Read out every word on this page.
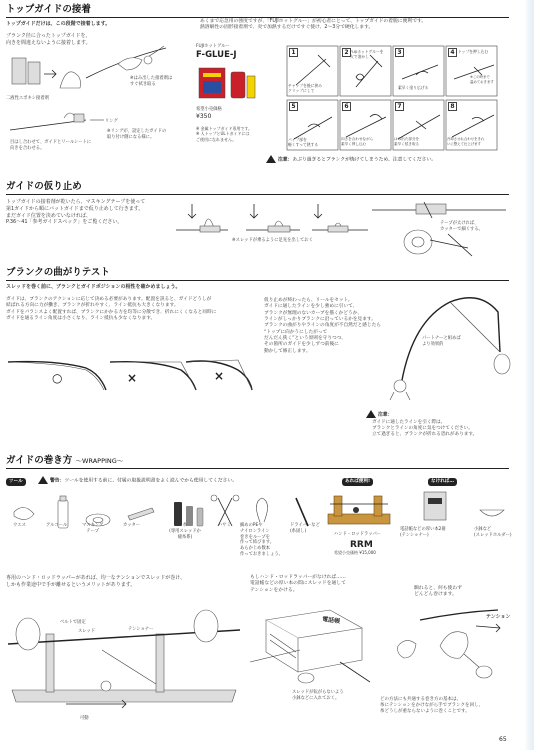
トップガイドの接着
トップガイドだけは、この段階で接着します。
ブランク径に合ったトップガイドを、
向きを間違えないように接着します。
二液性エポキシ接着剤
※はみ出した接着剤は
すぐ拭き取る
リング
※リングが、設定したガイドの
取り付け側になる様に。
目はし合わせて、ガイドとリールシートに
向きを合わせる。
あくまで応急用の強度ですが、「FUJIホットグルー」が初心者にとって、トップガイドの着脱に便利です。
熱溶解性の固形接着剤で、炎で加熱するだけですぐ使け、2～3分で硬化します。
FUJIホットグルー
F-GLUE-J
希望小売価格
¥350
※ 金属トップガイド専用です。
※ 人トップとULトガイドには
ご使用になれません。
1	2	3	4
5	6	7	8
チャップを後に挟み
クリップにして
FUJIホットグルーを
火で溶かし
素早く塗り広げる
トップを押し込む
※この時まで
温めておきます
パイプ部を
軽くすって熱する
向きを合わせながら
素早く押し込む
はみ出た部分を
素早く拭き取る
冷却させれ合わせをきれ
いに整えて仕上げます
注意：あぶり過ぎるとブランクが焼けてしまうため、注意してください。
ガイドの仮り止め
トップガイドの接着剤が乾いたら、マスキングテープを使って
第1ガイドから順にバットガイドまで仮り止めして行きます。
まだガイド位置を決めていなければ、
P.36～41「参考ガイドスペック」をご覧ください。
※スレッドが乗るように足先を出しておく
テープが太ければ、
カッターで細くする。
ブランクの曲がりテスト
スレッドを巻く前に、ブランクとガイドポジションの相性を確かめましょう。
ガイドは、ブランクのアクションに応じて決める必要があります。配置を誤ると、ガイドどうしが
結ばれる方向に力が働き、ブランクが折れやすく、ライン抵抗も大きくなります。
ガイドをバランスよく配置すれば、ブランクにかかる力を均等に分散でき、折れにくくなると同時に
ガイドを通るライン角度は小さくなり、ライン抵抗も少なくなります。
○	×	×
仮り止めが終わったら、リールをセット。
ガイドに通したラインを少し強めに引いて、
ブランクが無理のないカーブを描くかどうか、
ラインがしっかりブランクに沿っているかを見ます。
ブランクの曲がりやラインの角度が不自然だと感じたら
“トップに向かうにしたがって
だんだん狭く”という原則を守りつつ、
その箇所のガイドを少しずつ前後に
動かして修正します。
パートナーと組めば
より効果的
注意：
ガイドに通したラインを引く際は、
ブランクとラインの角度に気をつけてください。
立て過ぎると、ブランクが折れる恐れがあります。
ガイドの巻き方 ～WRAPPING～
ツール	警告：ツールを使用する前に、付属の取扱説明書をよく読んでから使用してください。
ウエス	アルコール	マスキング
テープ
カッター	糸
(専用スレッドか
縫糸系)
ハサミ 細めのPEや
ナイロンライン
巻きをループを
作って結びます。
あらかじめ数本
作っておきましょう。
ドライバーなど
(糸固し)
あれば便利!
ハンド・ロッドラッパー
RRM
希望小売価格 ¥15,000
なければ…
電話帳などの厚い本2冊
(テンショナー)
小鉢など
(スレッドホルダー)
専用のハンド・ロッドラッパーがあれば、均一なテンションでスレッドが巻け、
しかも作業途中で手が離せるというメリットがあります。
ベルトで固定
スレッド	テンショナー
可動
もしハンド・ロッドラッパーがなければ……
電話帳などの厚い本の間にスレッドを通して
テンションをかける。
電話帳
スレッドが転がらないよう
小鉢などに入れておく。
馴れると、何も使わず
どんどん巻けます。
テンション
どの方法にも共通する巻き方の基本は、
糸にテンションをかけながら手でブランクを回し、
糸どうしが重ならないように巻くことです。
65
